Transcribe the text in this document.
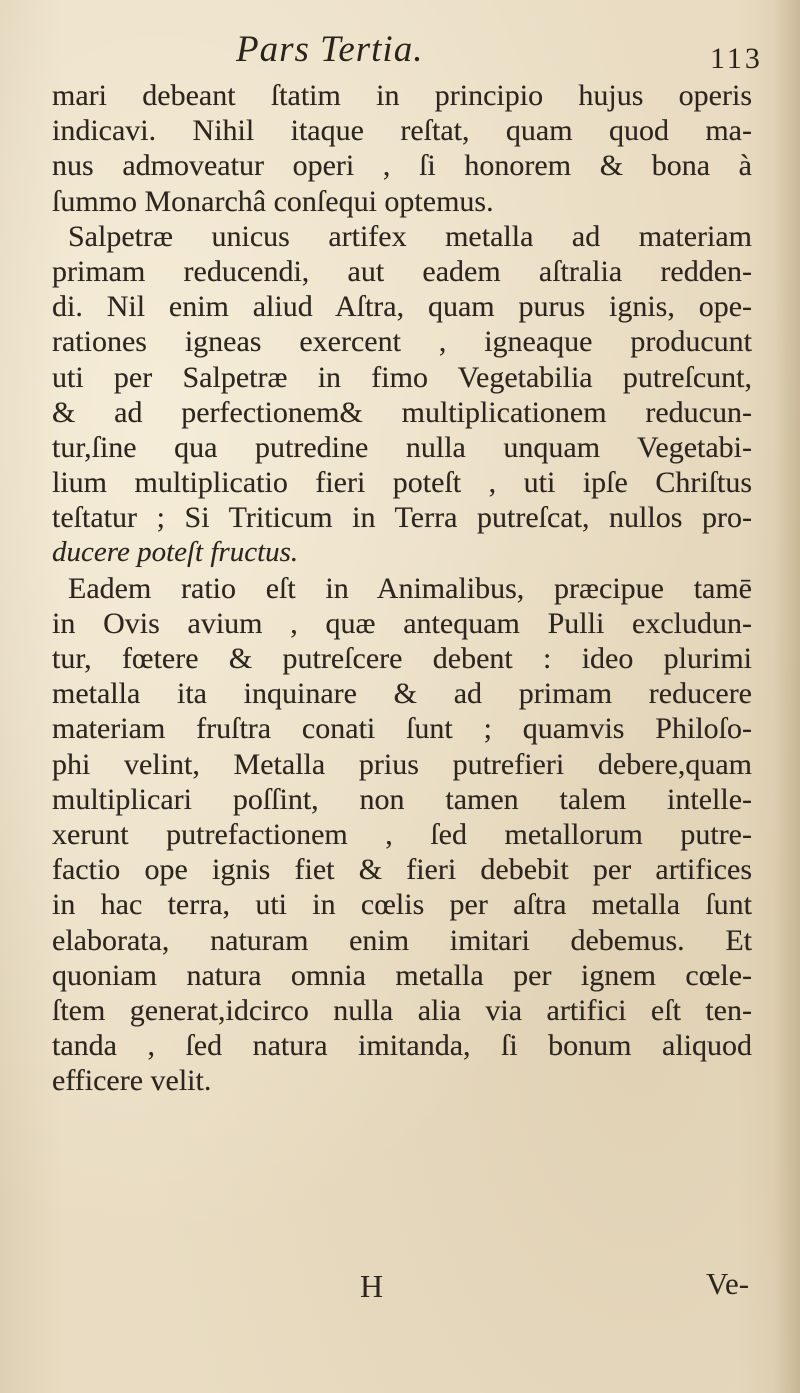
Pars Tertia.	113
mari debeant ſtatim in principio hujus operis
indicavi. Nihil itaque reſtat, quam quod ma-
nus admoveatur operi , ſi honorem & bona à
ſummo Monarchâ conſequi optemus.
Salpetræ unicus artifex metalla ad materiam
primam reducendi, aut eadem aſtralia redden-
di. Nil enim aliud Aſtra, quam purus ignis, ope-
rationes igneas exercent , igneaque producunt
uti per Salpetræ in fimo Vegetabilia putreſcunt,
& ad perfectionem& multiplicationem reducun-
tur,ſine qua putredine nulla unquam Vegetabi-
lium multiplicatio fieri poteſt , uti ipſe Chriſtus
teſtatur ; Si Triticum in Terra putreſcat, nullos pro-
ducere poteſt fructus.
Eadem ratio eſt in Animalibus, præcipue tamē
in Ovis avium , quæ antequam Pulli excludun-
tur, fœtere & putreſcere debent : ideo plurimi
metalla ita inquinare & ad primam reducere
materiam fruſtra conati ſunt ; quamvis Philoſo-
phi velint, Metalla prius putrefieri debere,quam
multiplicari poſſint, non tamen talem intelle-
xerunt putrefactionem , ſed metallorum putre-
factio ope ignis fiet & fieri debebit per artifices
in hac terra, uti in cœlis per aſtra metalla ſunt
elaborata, naturam enim imitari debemus. Et
quoniam natura omnia metalla per ignem cœle-
ſtem generat,idcirco nulla alia via artifici eſt ten-
tanda , ſed natura imitanda, ſi bonum aliquod
efficere velit.
H	Ve-
